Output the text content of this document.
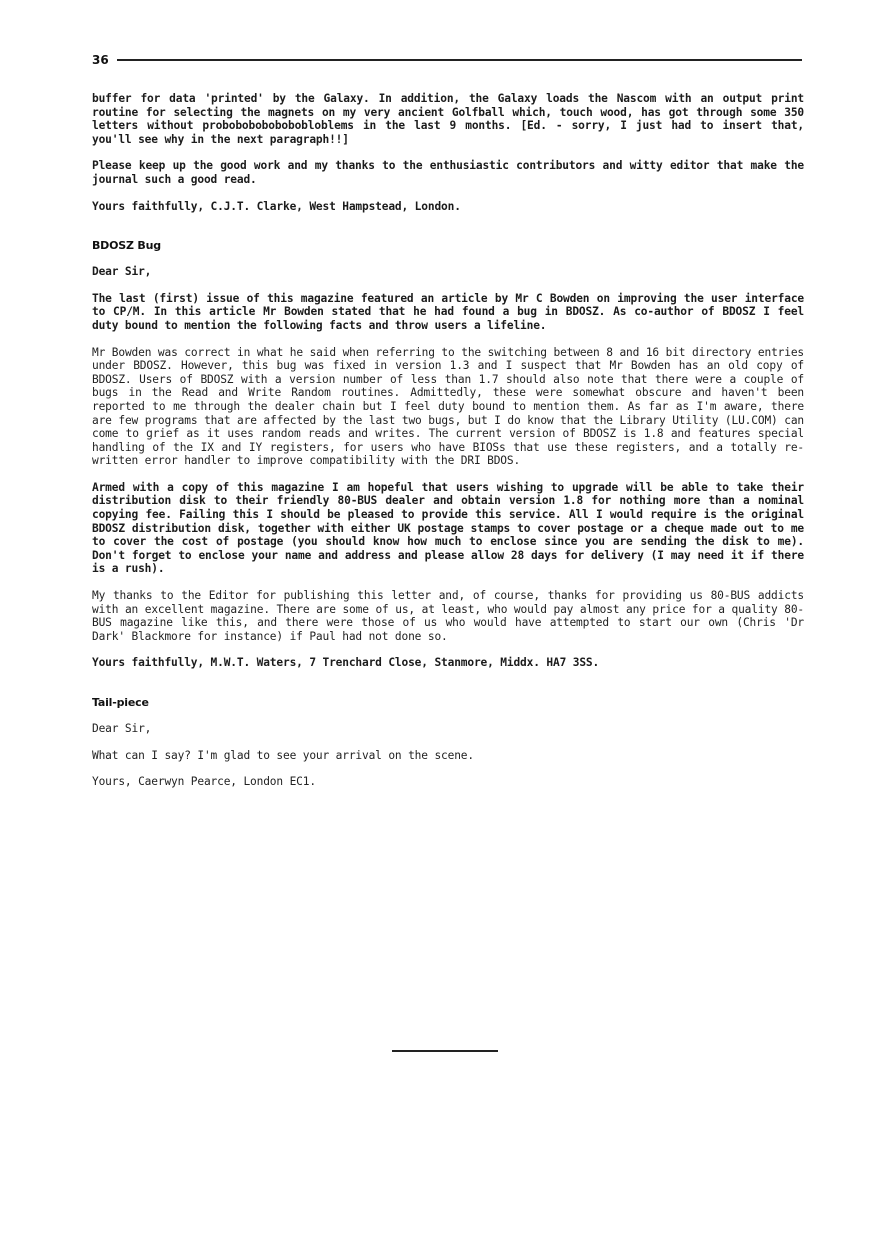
36

buffer for data 'printed' by the Galaxy. In addition, the Galaxy loads the Nascom with an output print routine for selecting the magnets on my very ancient Golfball which, touch wood, has got through some 350 letters without probobobobobobobloblems in the last 9 months. [Ed. - sorry, I just had to insert that, you'll see why in the next paragraph!!]

Please keep up the good work and my thanks to the enthusiastic contributors and witty editor that make the journal such a good read.

Yours faithfully, C.J.T. Clarke, West Hampstead, London.

BDOSZ Bug

Dear Sir,

The last (first) issue of this magazine featured an article by Mr C Bowden on improving the user interface to CP/M. In this article Mr Bowden stated that he had found a bug in BDOSZ. As co-author of BDOSZ I feel duty bound to mention the following facts and throw users a lifeline.

Mr Bowden was correct in what he said when referring to the switching between 8 and 16 bit directory entries under BDOSZ. However, this bug was fixed in version 1.3 and I suspect that Mr Bowden has an old copy of BDOSZ. Users of BDOSZ with a version number of less than 1.7 should also note that there were a couple of bugs in the Read and Write Random routines. Admittedly, these were somewhat obscure and haven't been reported to me through the dealer chain but I feel duty bound to mention them. As far as I'm aware, there are few programs that are affected by the last two bugs, but I do know that the Library Utility (LU.COM) can come to grief as it uses random reads and writes. The current version of BDOSZ is 1.8 and features special handling of the IX and IY registers, for users who have BIOSs that use these registers, and a totally re-written error handler to improve compatibility with the DRI BDOS.

Armed with a copy of this magazine I am hopeful that users wishing to upgrade will be able to take their distribution disk to their friendly 80-BUS dealer and obtain version 1.8 for nothing more than a nominal copying fee. Failing this I should be pleased to provide this service. All I would require is the original BDOSZ distribution disk, together with either UK postage stamps to cover postage or a cheque made out to me to cover the cost of postage (you should know how much to enclose since you are sending the disk to me). Don't forget to enclose your name and address and please allow 28 days for delivery (I may need it if there is a rush).

My thanks to the Editor for publishing this letter and, of course, thanks for providing us 80-BUS addicts with an excellent magazine. There are some of us, at least, who would pay almost any price for a quality 80-BUS magazine like this, and there were those of us who would have attempted to start our own (Chris 'Dr Dark' Blackmore for instance) if Paul had not done so.

Yours faithfully, M.W.T. Waters, 7 Trenchard Close, Stanmore, Middx. HA7 3SS.

Tail-piece

Dear Sir,

What can I say? I'm glad to see your arrival on the scene.

Yours, Caerwyn Pearce, London EC1.
